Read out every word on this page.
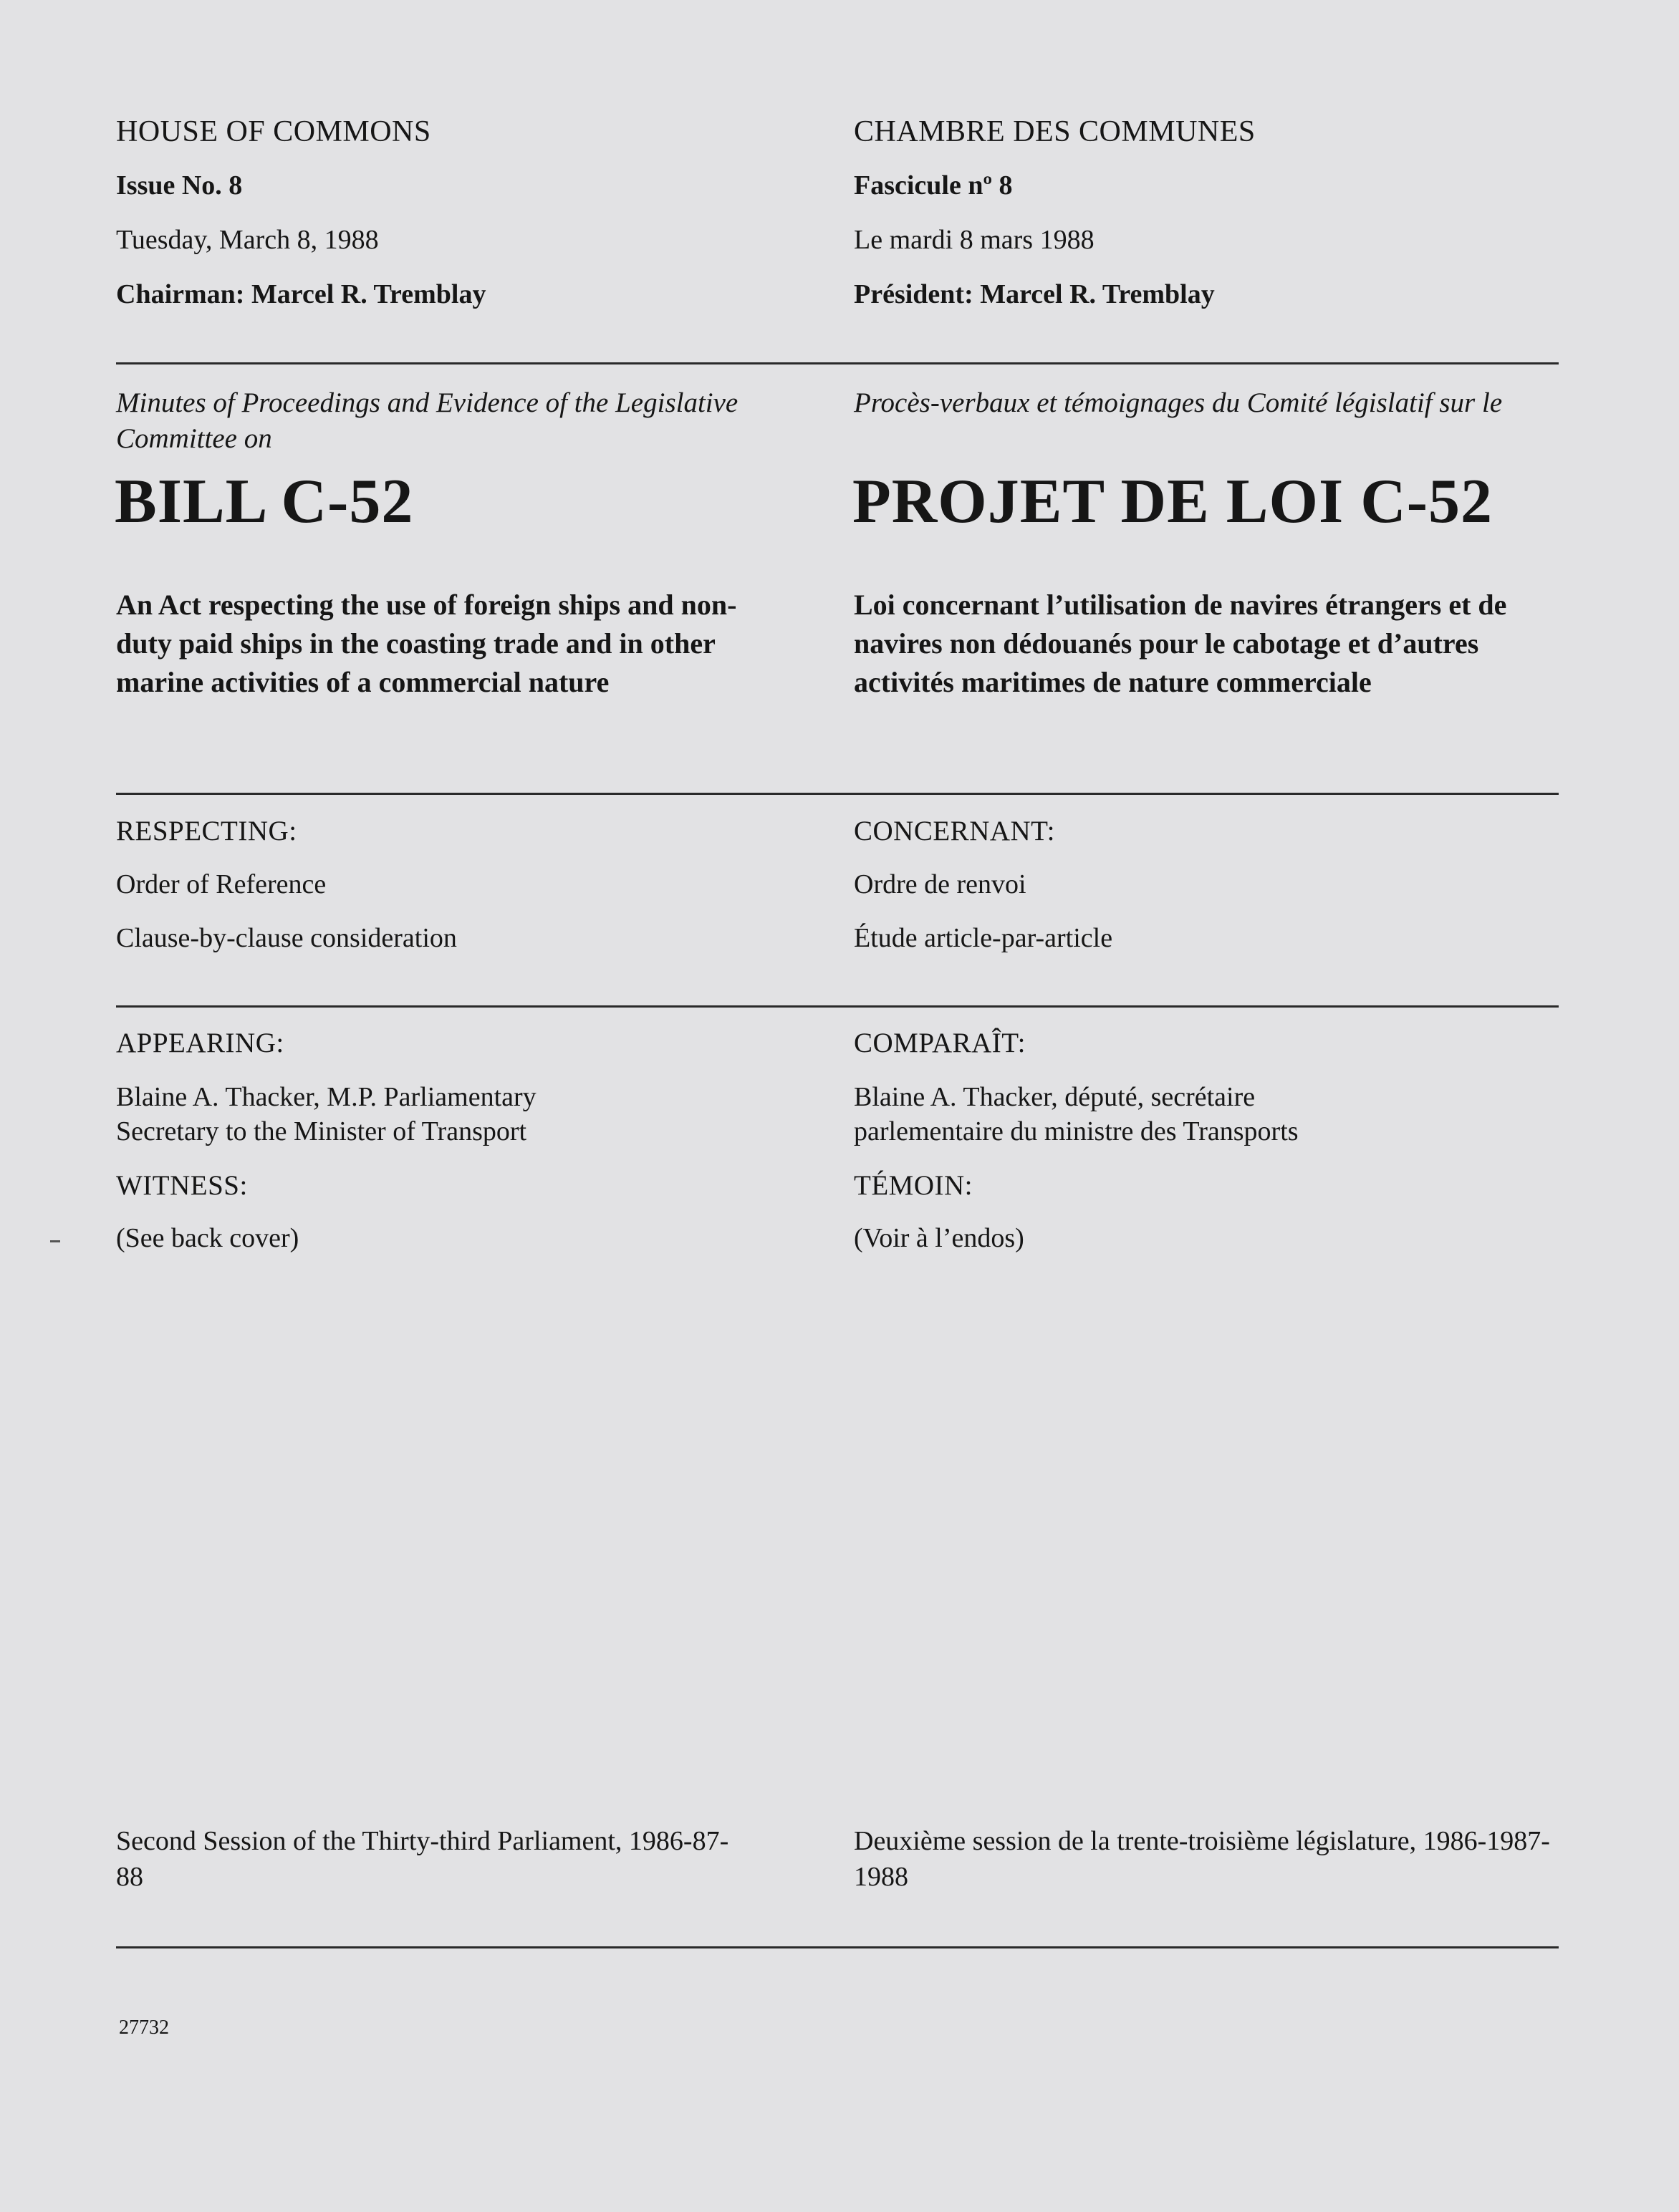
HOUSE OF COMMONS
Issue No. 8
Tuesday, March 8, 1988
Chairman: Marcel R. Tremblay
Minutes of Proceedings and Evidence of the Legislative Committee on
BILL C-52
An Act respecting the use of foreign ships and non-duty paid ships in the coasting trade and in other marine activities of a commercial nature
RESPECTING:
Order of Reference
Clause-by-clause consideration
APPEARING:
Blaine A. Thacker, M.P. Parliamentary
Secretary to the Minister of Transport
WITNESS:
(See back cover)
Second Session of the Thirty-third Parliament, 1986-87-88
CHAMBRE DES COMMUNES
Fascicule nº 8
Le mardi 8 mars 1988
Président: Marcel R. Tremblay
Procès-verbaux et témoignages du Comité législatif sur le
PROJET DE LOI C-52
Loi concernant l’utilisation de navires étrangers et de navires non dédouanés pour le cabotage et d’autres activités maritimes de nature commerciale
CONCERNANT:
Ordre de renvoi
Étude article-par-article
COMPARAÎT:
Blaine A. Thacker, député, secrétaire
parlementaire du ministre des Transports
TÉMOIN:
(Voir à l’endos)
Deuxième session de la trente-troisième législature, 1986-1987-1988
27732
